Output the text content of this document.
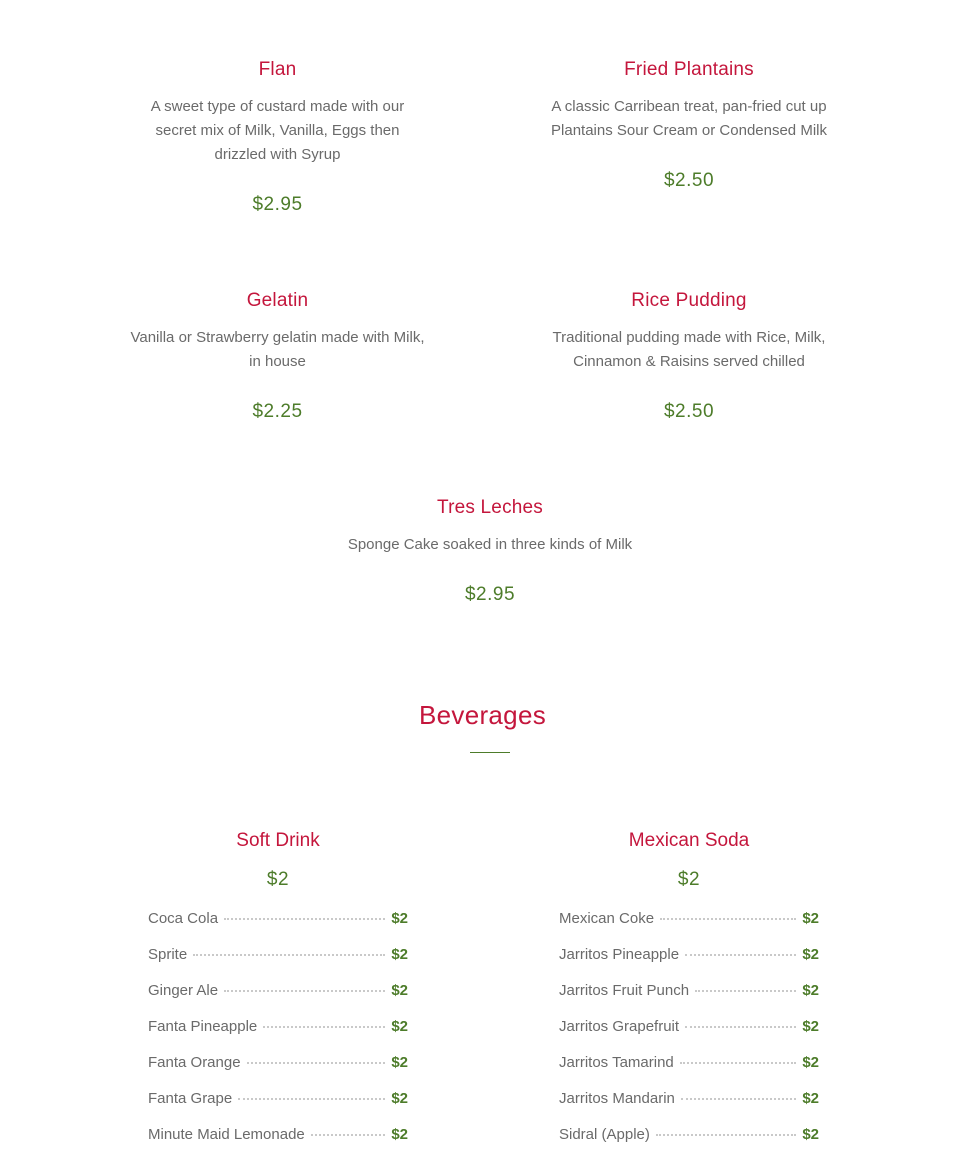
Flan

A sweet type of custard made with our secret mix of Milk, Vanilla, Eggs then drizzled with Syrup

$2.95
Fried Plantains

A classic Carribean treat, pan-fried cut up Plantains Sour Cream or Condensed Milk

$2.50
Gelatin

Vanilla or Strawberry gelatin made with Milk, in house

$2.25
Rice Pudding

Traditional pudding made with Rice, Milk, Cinnamon & Raisins served chilled

$2.50
Tres Leches

Sponge Cake soaked in three kinds of Milk

$2.95
Beverages
Soft Drink
$2
Coca Cola	$2
Sprite	$2
Ginger Ale	$2
Fanta Pineapple	$2
Fanta Orange	$2
Fanta Grape	$2
Minute Maid Lemonade	$2
Mexican Soda
$2
Mexican Coke	$2
Jarritos Pineapple	$2
Jarritos Fruit Punch	$2
Jarritos Grapefruit	$2
Jarritos Tamarind	$2
Jarritos Mandarin	$2
Sidral (Apple)	$2
